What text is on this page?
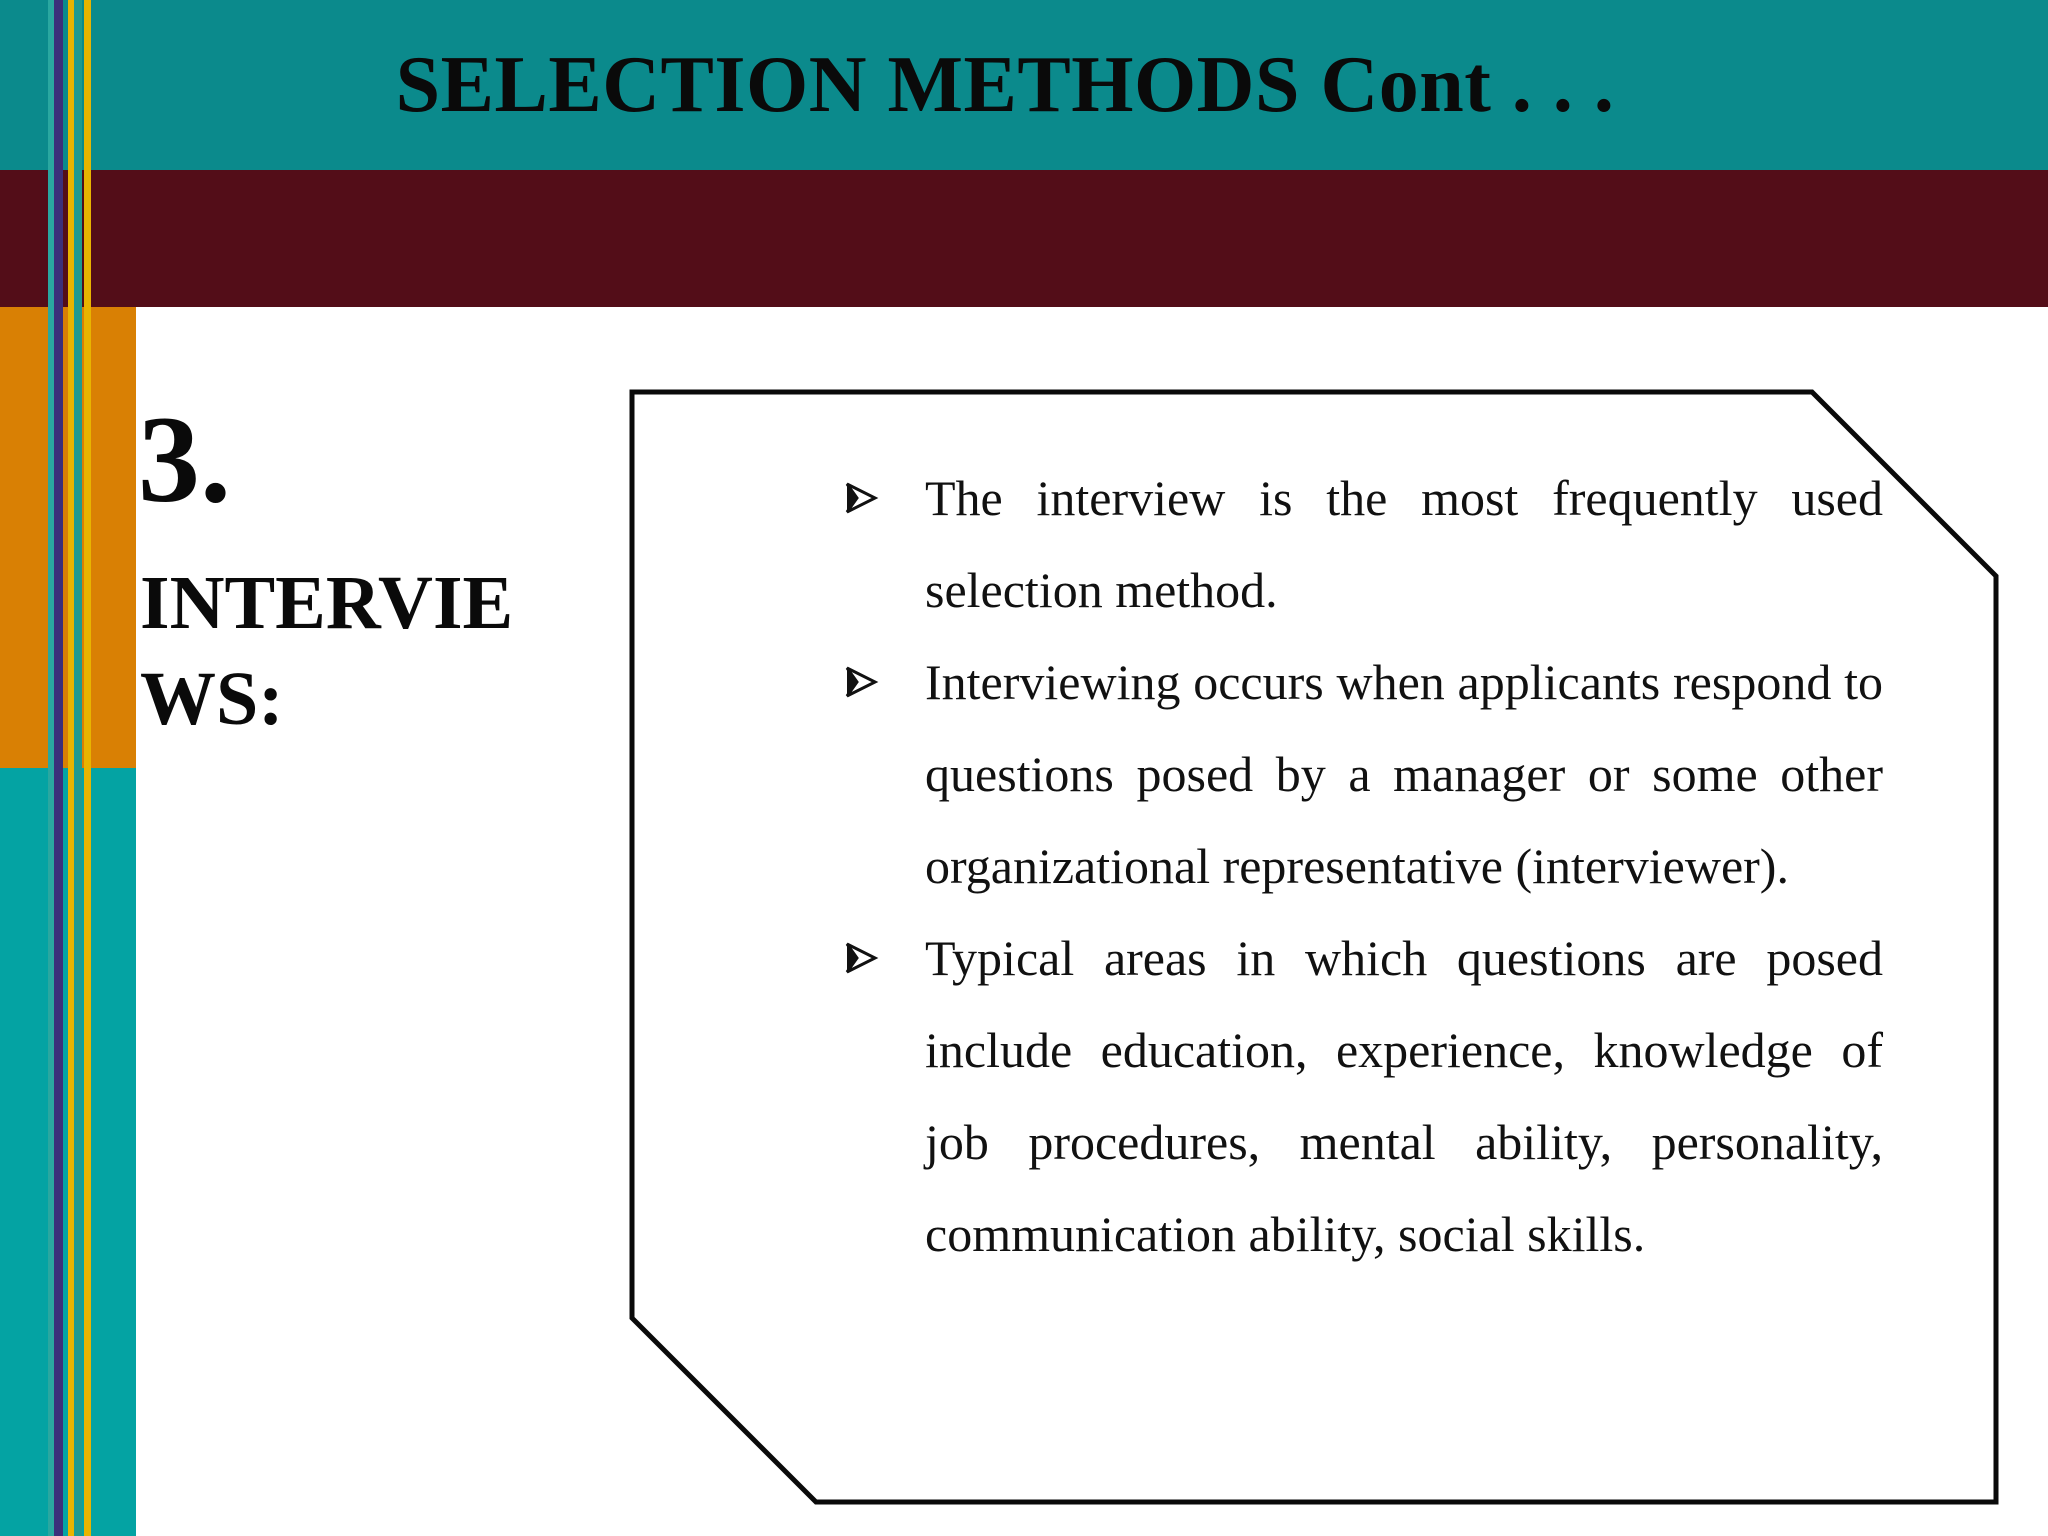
SELECTION METHODS Cont . . .
3.
INTERVIEWS:
The interview is the most frequently used selection method.
Interviewing occurs when applicants respond to questions posed by a manager or some other organizational representative (interviewer).
Typical areas in which questions are posed include education, experience, knowledge of job procedures, mental ability, personality, communication ability, social skills.
